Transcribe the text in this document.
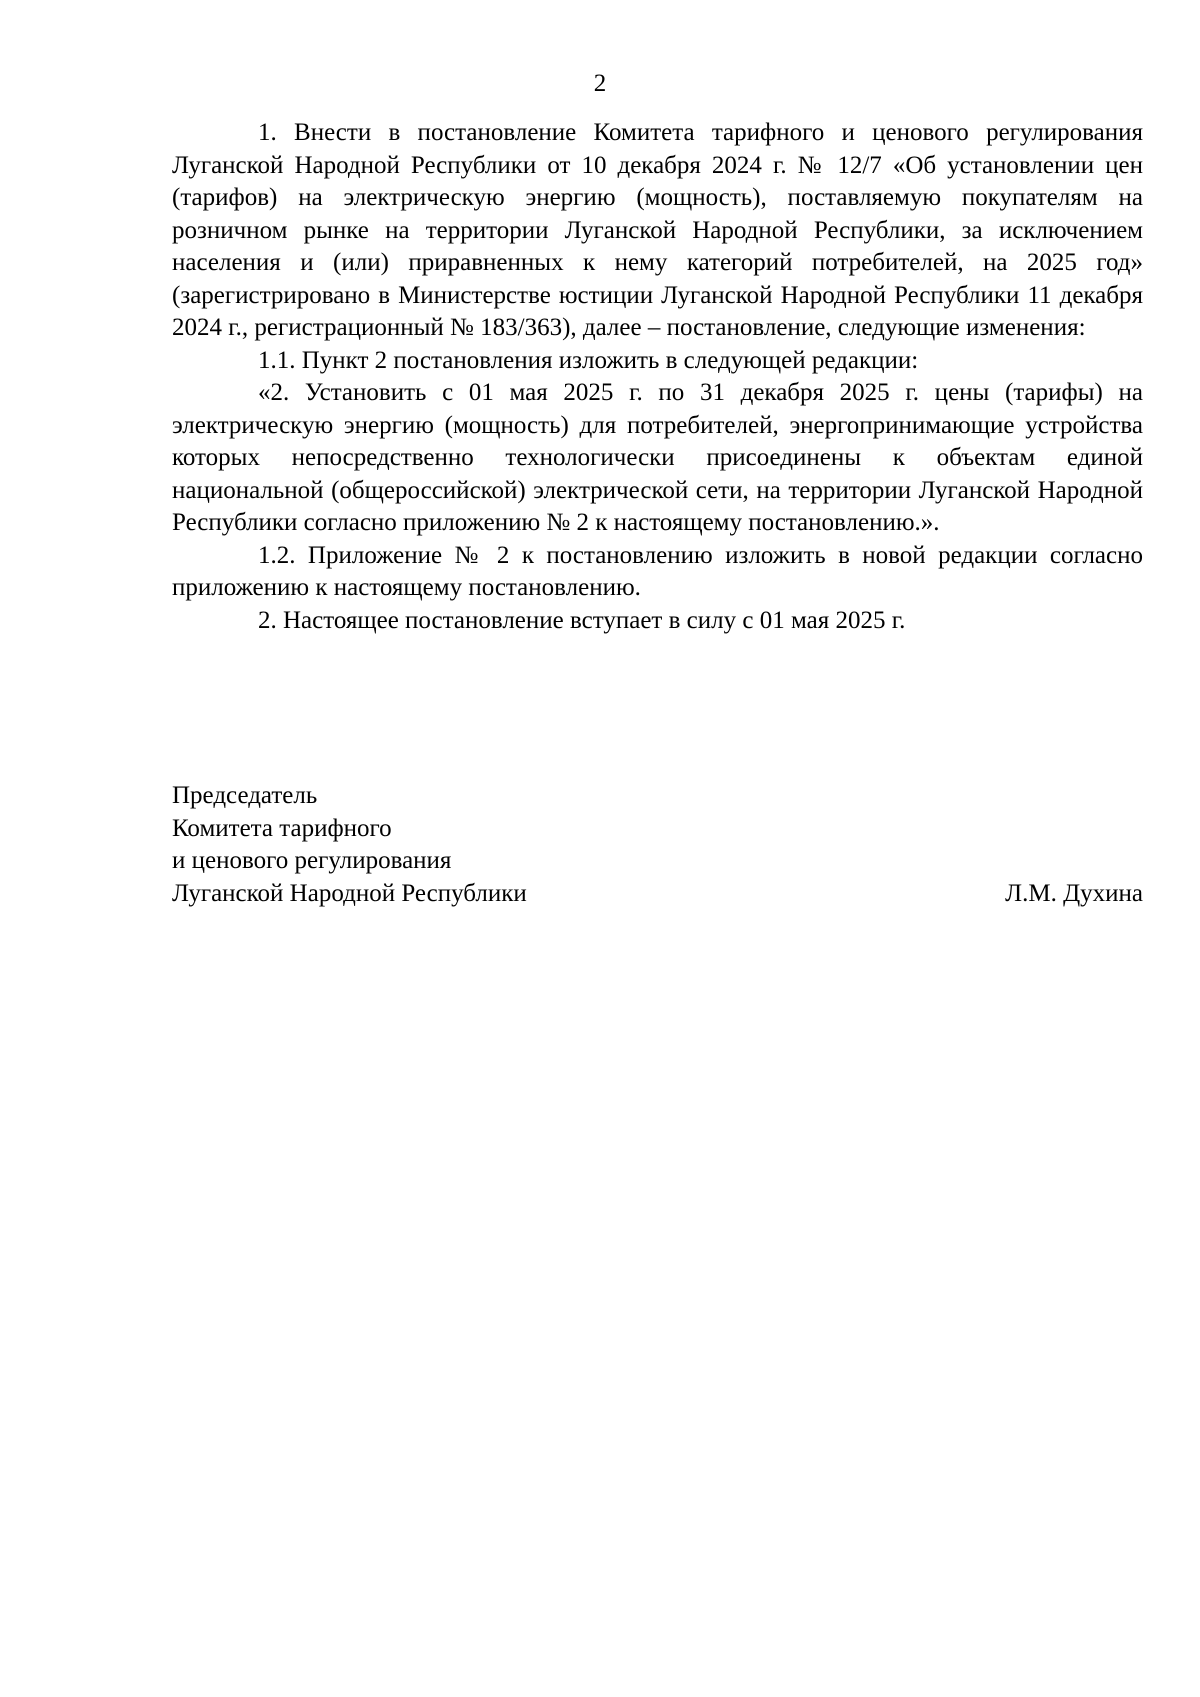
2

1. Внести в постановление Комитета тарифного и ценового регулирования Луганской Народной Республики от 10 декабря 2024 г. № 12/7 «Об установлении цен (тарифов) на электрическую энергию (мощность), поставляемую покупателям на розничном рынке на территории Луганской Народной Республики, за исключением населения и (или) приравненных к нему категорий потребителей, на 2025 год» (зарегистрировано в Министерстве юстиции Луганской Народной Республики 11 декабря 2024 г., регистрационный № 183/363), далее – постановление, следующие изменения:

1.1. Пункт 2 постановления изложить в следующей редакции:

«2. Установить с 01 мая 2025 г. по 31 декабря 2025 г. цены (тарифы) на электрическую энергию (мощность) для потребителей, энергопринимающие устройства которых непосредственно технологически присоединены к объектам единой национальной (общероссийской) электрической сети, на территории Луганской Народной Республики согласно приложению № 2 к настоящему постановлению.».

1.2. Приложение № 2 к постановлению изложить в новой редакции согласно приложению к настоящему постановлению.

2. Настоящее постановление вступает в силу с 01 мая 2025 г.

Председатель
Комитета тарифного
и ценового регулирования
Луганской Народной Республики	Л.М. Духина
